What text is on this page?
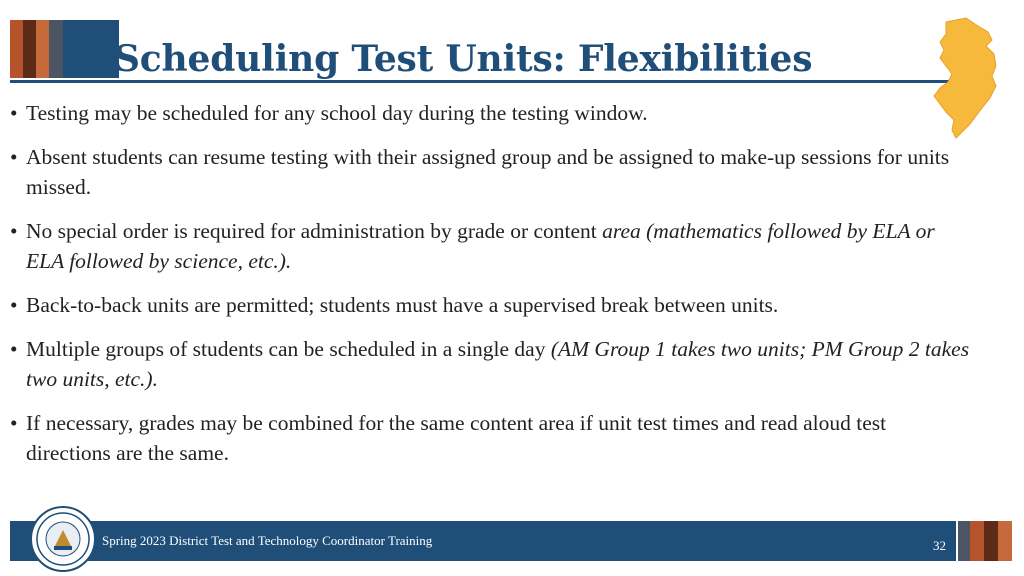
Scheduling Test Units: Flexibilities
• Testing may be scheduled for any school day during the testing window.
• Absent students can resume testing with their assigned group and be assigned to make-up sessions for units missed.
• No special order is required for administration by grade or content area (mathematics followed by ELA or ELA followed by science, etc.).
• Back-to-back units are permitted; students must have a supervised break between units.
• Multiple groups of students can be scheduled in a single day (AM Group 1 takes two units; PM Group 2 takes two units, etc.).
• If necessary, grades may be combined for the same content area if unit test times and read aloud test directions are the same.
Spring 2023 District Test and Technology Coordinator Training	32
